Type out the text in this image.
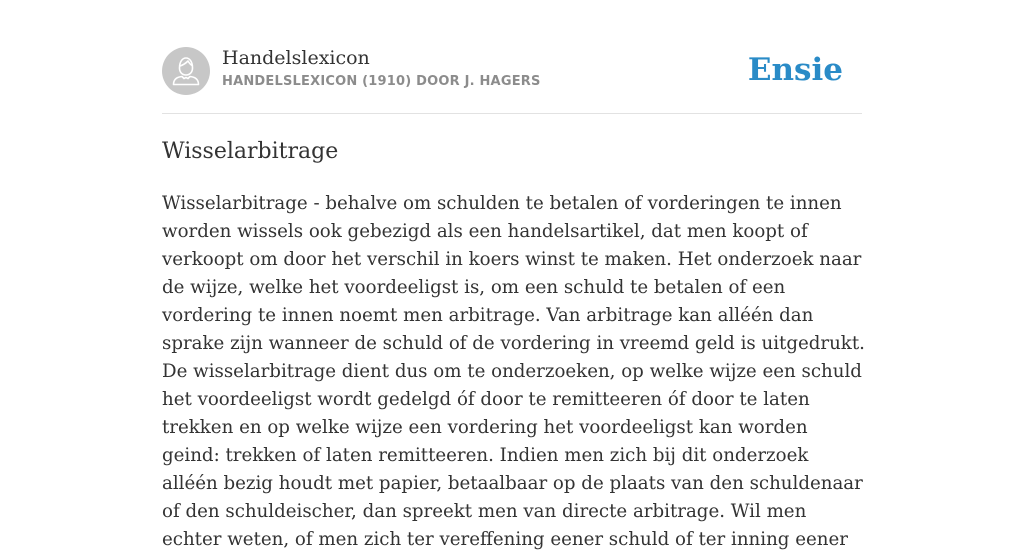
Handelslexicon
HANDELSLEXICON (1910) DOOR J. HAGERS	Ensie
Wisselarbitrage

Wisselarbitrage - behalve om schulden te betalen of vorderingen te innen worden wissels ook gebezigd als een handelsartikel, dat men koopt of verkoopt om door het verschil in koers winst te maken. Het onderzoek naar de wijze, welke het voordeeligst is, om een schuld te betalen of een vordering te innen noemt men arbitrage. Van arbitrage kan alléén dan sprake zijn wanneer de schuld of de vordering in vreemd geld is uitgedrukt. De wisselarbitrage dient dus om te onderzoeken, op welke wijze een schuld het voordeeligst wordt gedelgd óf door te remitteeren óf door te laten trekken en op welke wijze een vordering het voordeeligst kan worden geind: trekken of laten remitteeren. Indien men zich bij dit onderzoek alléén bezig houdt met papier, betaalbaar op de plaats van den schuldenaar of den schuldeischer, dan spreekt men van directe arbitrage. Wil men echter weten, of men zich ter vereffening eener schuld of ter inning eener
